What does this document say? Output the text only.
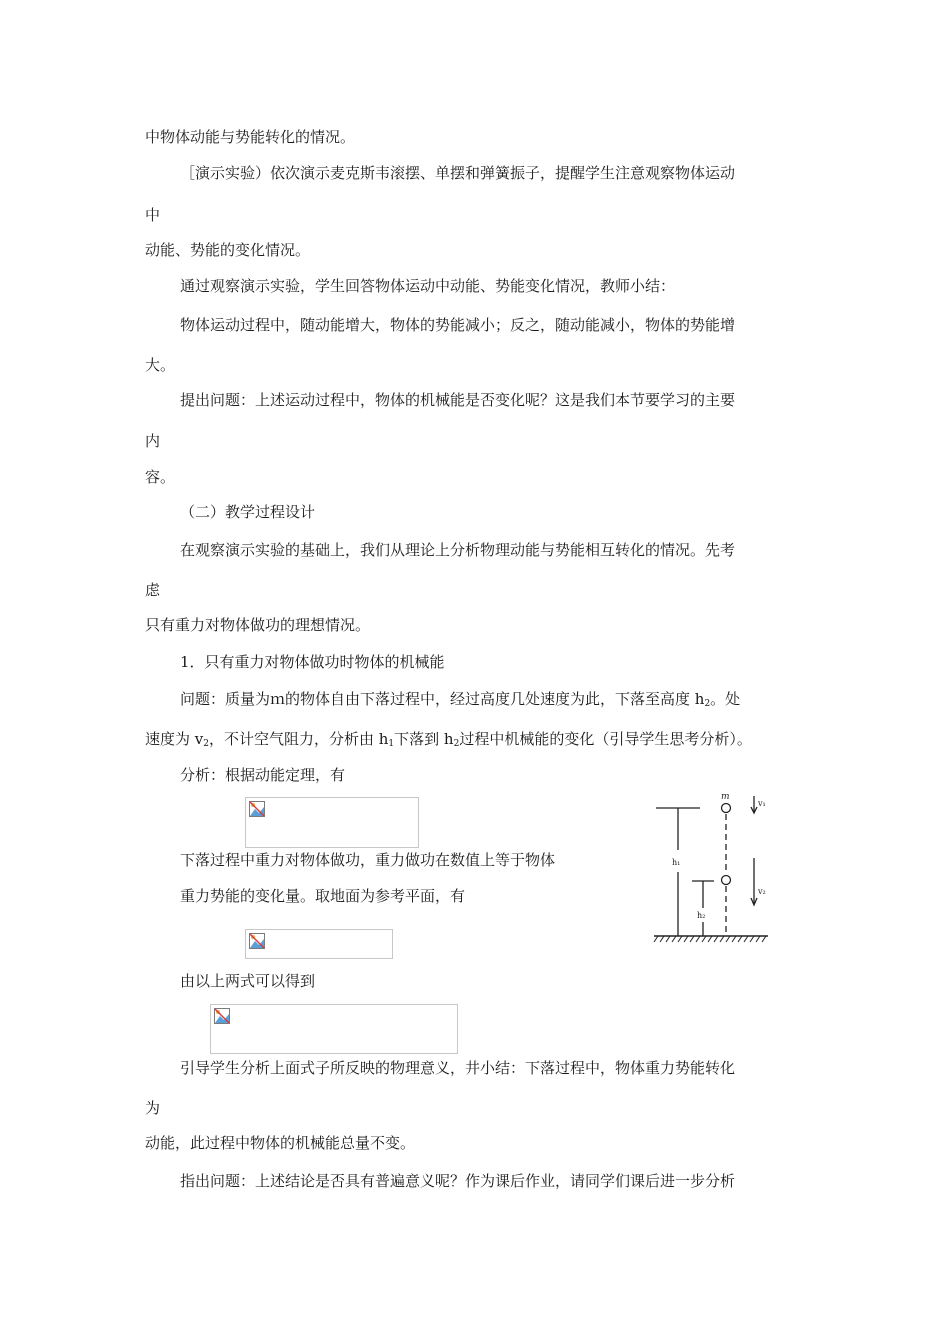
中物体动能与势能转化的情况。
［演示实验）依次演示麦克斯韦滚摆、单摆和弹簧振子，提醒学生注意观察物体运动
中
动能、势能的变化情况。
通过观察演示实验，学生回答物体运动中动能、势能变化情况，教师小结：
物体运动过程中，随动能增大，物体的势能减小；反之，随动能减小，物体的势能增
大。
提出问题：上述运动过程中，物体的机械能是否变化呢？这是我们本节要学习的主要
内
容。
（二）教学过程设计
在观察演示实验的基础上，我们从理论上分析物理动能与势能相互转化的情况。先考
虑
只有重力对物体做功的理想情况。
1．只有重力对物体做功时物体的机械能
问题：质量为ｍ的物体自由下落过程中，经过高度几处速度为此，下落至高度 $h_2$。处
速度为 $v_2$，不计空气阻力，分析由 $h_1$下落到 $h_2$过程中机械能的变化（引导学生思考分析）。
分析：根据动能定理，有
下落过程中重力对物体做功，重力做功在数值上等于物体
重力势能的变化量。取地面为参考平面，有
由以上两式可以得到
引导学生分析上面式子所反映的物理意义，井小结：下落过程中，物体重力势能转化
为
动能，此过程中物体的机械能总量不变。
指出问题：上述结论是否具有普遍意义呢？作为课后作业，请同学们课后进一步分析
m
v₁
v₂
h₁
h₂
